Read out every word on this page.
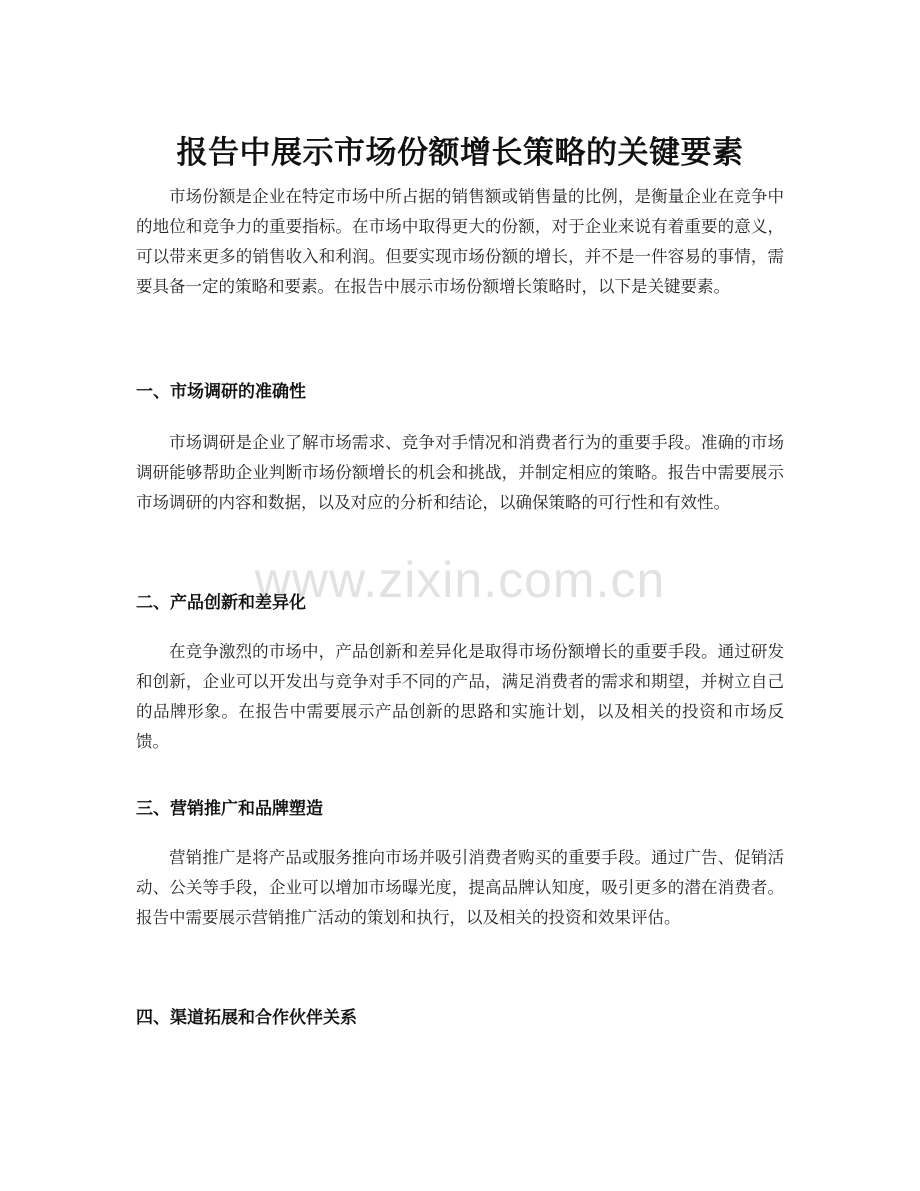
报告中展示市场份额增长策略的关键要素

市场份额是企业在特定市场中所占据的销售额或销售量的比例，是衡量企业在竞争中的地位和竞争力的重要指标。在市场中取得更大的份额，对于企业来说有着重要的意义，可以带来更多的销售收入和利润。但要实现市场份额的增长，并不是一件容易的事情，需要具备一定的策略和要素。在报告中展示市场份额增长策略时，以下是关键要素。

一、市场调研的准确性

市场调研是企业了解市场需求、竞争对手情况和消费者行为的重要手段。准确的市场调研能够帮助企业判断市场份额增长的机会和挑战，并制定相应的策略。报告中需要展示市场调研的内容和数据，以及对应的分析和结论，以确保策略的可行性和有效性。

二、产品创新和差异化

在竞争激烈的市场中，产品创新和差异化是取得市场份额增长的重要手段。通过研发和创新，企业可以开发出与竞争对手不同的产品，满足消费者的需求和期望，并树立自己的品牌形象。在报告中需要展示产品创新的思路和实施计划，以及相关的投资和市场反馈。

三、营销推广和品牌塑造

营销推广是将产品或服务推向市场并吸引消费者购买的重要手段。通过广告、促销活动、公关等手段，企业可以增加市场曝光度，提高品牌认知度，吸引更多的潜在消费者。报告中需要展示营销推广活动的策划和执行，以及相关的投资和效果评估。

四、渠道拓展和合作伙伴关系
www.zixin.com.cn
